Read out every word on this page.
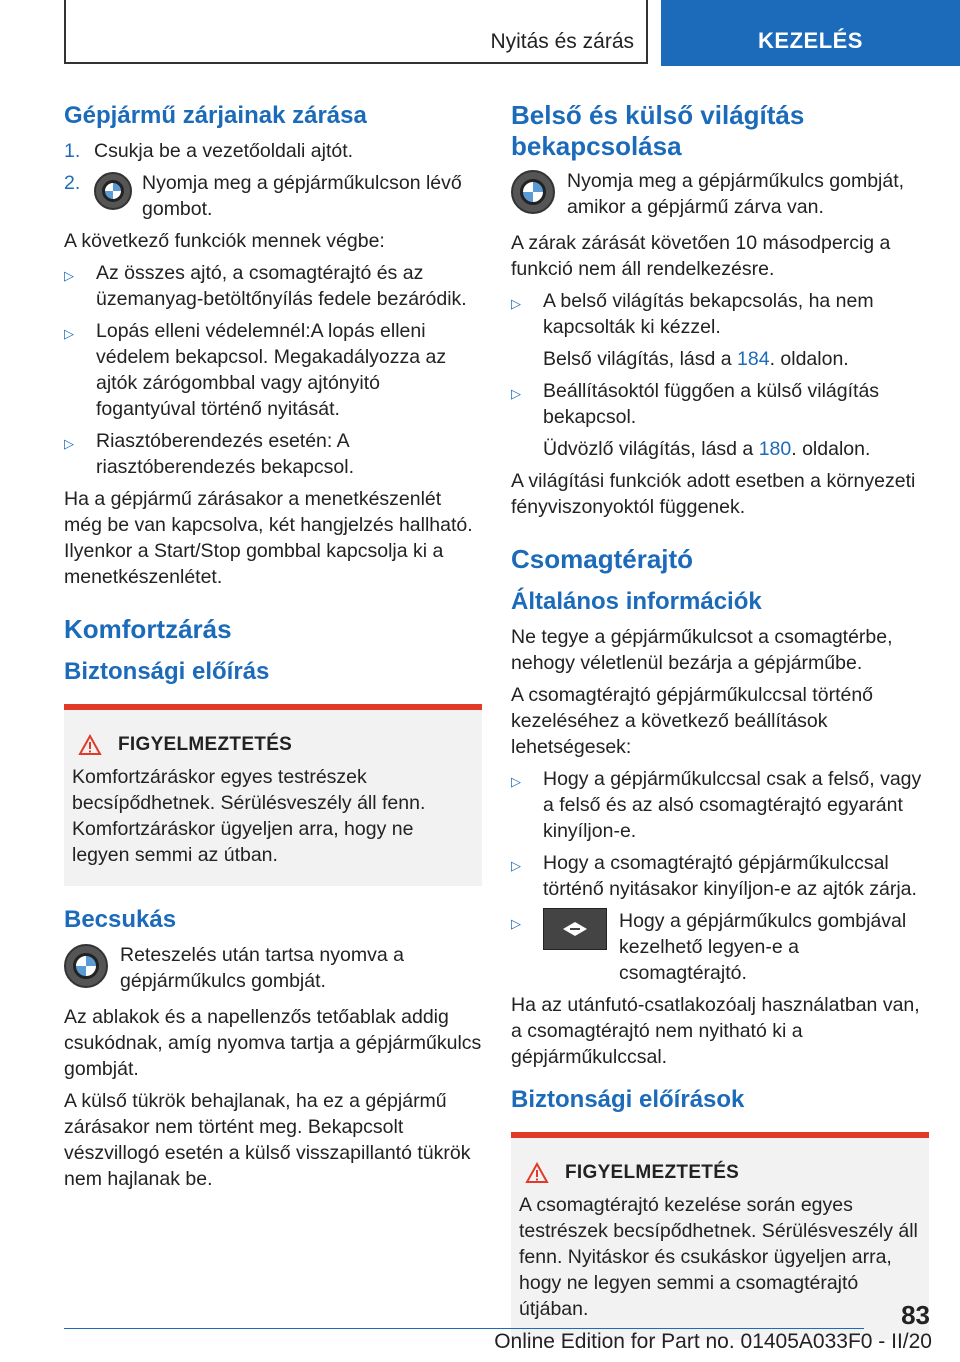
Nyitás és zárás	KEZELÉS
Gépjármű zárjainak zárása
1. Csukja be a vezetőoldali ajtót.
2.	Nyomja meg a gépjárműkulcson lévő gombot.

A következő funkciók mennek végbe:

▷	Az összes ajtó, a csomagtérajtó és az üzemanyag-betöltőnyílás fedele bezáródik.
▷	Lopás elleni védelemnél:A lopás elleni védelem bekapcsol. Megakadályozza az ajtók zárógombbal vagy ajtónyitó fogantyúval történő nyitását.
▷	Riasztóberendezés esetén: A riasztóberendezés bekapcsol.

Ha a gépjármű zárásakor a menetkészenlét még be van kapcsolva, két hangjelzés hallható. Ilyenkor a Start/Stop gombbal kapcsolja ki a menetkészenlétet.

Komfortzárás
Biztonsági előírás
FIGYELMEZTETÉS
Komfortzáráskor egyes testrészek becsípődhetnek. Sérülésveszély áll fenn. Komfortzáráskor ügyeljen arra, hogy ne legyen semmi az útban.
Becsukás
Reteszelés után tartsa nyomva a gépjárműkulcs gombját.

Az ablakok és a napellenzős tetőablak addig csukódnak, amíg nyomva tartja a gépjárműkulcs gombját.

A külső tükrök behajlanak, ha ez a gépjármű zárásakor nem történt meg. Bekapcsolt vészvillogó esetén a külső visszapillantó tükrök nem hajlanak be.

Belső és külső világítás bekapcsolása
Nyomja meg a gépjárműkulcs gombját, amikor a gépjármű zárva van.

A zárak zárását követően 10 másodpercig a funkció nem áll rendelkezésre.

▷	A belső világítás bekapcsolás, ha nem kapcsolták ki kézzel.

Belső világítás, lásd a 184. oldalon.

▷	Beállításoktól függően a külső világítás bekapcsol.

Üdvözlő világítás, lásd a 180. oldalon.

A világítási funkciók adott esetben a környezeti fényviszonyoktól függenek.

Csomagtérajtó
Általános információk

Ne tegye a gépjárműkulcsot a csomagtérbe, nehogy véletlenül bezárja a gépjárműbe.

A csomagtérajtó gépjárműkulccsal történő kezeléséhez a következő beállítások lehetségesek:

▷	Hogy a gépjárműkulccsal csak a felső, vagy a felső és az alsó csomagtérajtó egyaránt kinyíljon-e.
▷	Hogy a csomagtérajtó gépjárműkulccsal történő nyitásakor kinyíljon-e az ajtók zárja.
▷	Hogy a gépjárműkulcs gombjával kezelhető legyen-e a csomagtérajtó.

Ha az utánfutó-csatlakozóalj használatban van, a csomagtérajtó nem nyitható ki a gépjárműkulccsal.

Biztonsági előírások
FIGYELMEZTETÉS
A csomagtérajtó kezelése során egyes testrészek becsípődhetnek. Sérülésveszély áll fenn. Nyitáskor és csukáskor ügyeljen arra, hogy ne legyen semmi a csomagtérajtó útjában.	83
Online Edition for Part no. 01405A033F0 - II/20
